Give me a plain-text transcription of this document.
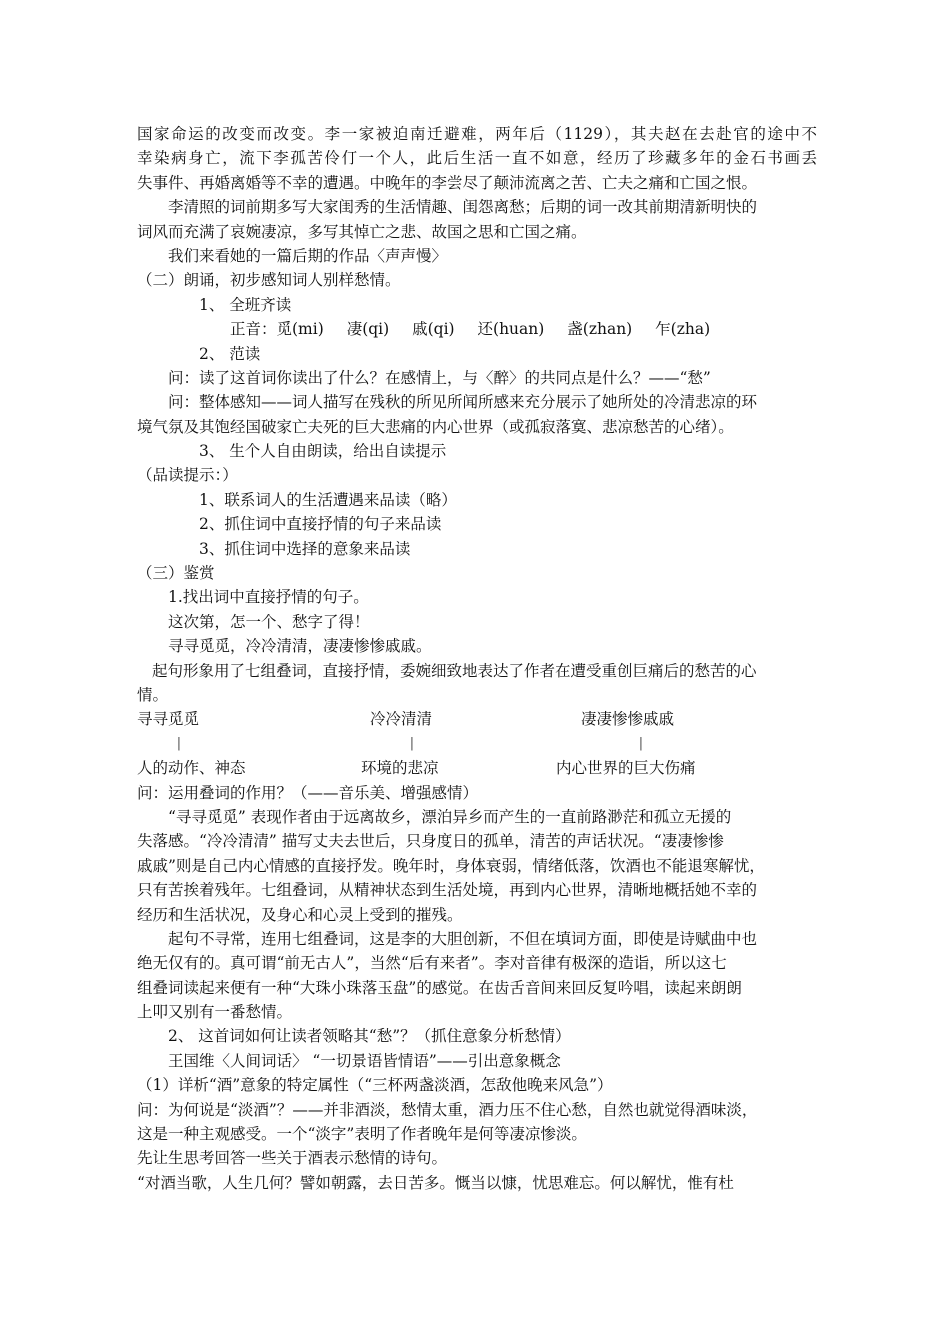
国家命运的改变而改变。李一家被迫南迁避难，两年后（1129），其夫赵在去赴官的途中不
幸染病身亡，流下李孤苦伶仃一个人，此后生活一直不如意，经历了珍藏多年的金石书画丢
失事件、再婚离婚等不幸的遭遇。中晚年的李尝尽了颠沛流离之苦、亡夫之痛和亡国之恨。
李清照的词前期多写大家闺秀的生活情趣、闺怨离愁；后期的词一改其前期清新明快的
词风而充满了哀婉凄凉，多写其悼亡之悲、故国之思和亡国之痛。
我们来看她的一篇后期的作品〈声声慢〉
（二）朗诵，初步感知词人别样愁情。
1、 全班齐读
正音：觅(mi) 凄(qi) 戚(qi) 还(huan) 盏(zhan) 乍(zha)
2、 范读
问：读了这首词你读出了什么？在感情上，与〈醉〉的共同点是什么？——“愁”
问：整体感知——词人描写在残秋的所见所闻所感来充分展示了她所处的冷清悲凉的环
境气氛及其饱经国破家亡夫死的巨大悲痛的内心世界（或孤寂落寞、悲凉愁苦的心绪）。
3、 生个人自由朗读，给出自读提示
（品读提示：）
1、联系词人的生活遭遇来品读（略）
2、抓住词中直接抒情的句子来品读
3、抓住词中选择的意象来品读
（三）鉴赏
1.找出词中直接抒情的句子。
这次第，怎一个、愁字了得！
寻寻觅觅，冷冷清清，凄凄惨惨戚戚。
起句形象用了七组叠词，直接抒情，委婉细致地表达了作者在遭受重创巨痛后的愁苦的心
情。
寻寻觅觅	冷冷清清	凄凄惨惨戚戚
|	|	|
人的动作、神态	环境的悲凉	内心世界的巨大伤痛
问：运用叠词的作用？（——音乐美、增强感情）
“寻寻觅觅” 表现作者由于远离故乡，漂泊异乡而产生的一直前路渺茫和孤立无援的
失落感。“冷冷清清” 描写丈夫去世后，只身度日的孤单，清苦的声话状况。“凄凄惨惨
戚戚”则是自己内心情感的直接抒发。晚年时，身体衰弱，情绪低落，饮酒也不能退寒解忧，
只有苦挨着残年。七组叠词，从精神状态到生活处境，再到内心世界，清晰地概括她不幸的
经历和生活状况，及身心和心灵上受到的摧残。
起句不寻常，连用七组叠词，这是李的大胆创新，不但在填词方面，即使是诗赋曲中也
绝无仅有的。真可谓“前无古人”，当然“后有来者”。李对音律有极深的造诣，所以这七
组叠词读起来便有一种“大珠小珠落玉盘”的感觉。在齿舌音间来回反复吟唱，读起来朗朗
上叩又别有一番愁情。
2、 这首词如何让读者领略其“愁”？（抓住意象分析愁情）
王国维〈人间词话〉 “一切景语皆情语”——引出意象概念
（1）详析“酒”意象的特定属性（“三杯两盏淡酒，怎敌他晚来风急”）
问：为何说是“淡酒”？——并非酒淡，愁情太重，酒力压不住心愁，自然也就觉得酒味淡，
这是一种主观感受。一个“淡字”表明了作者晚年是何等凄凉惨淡。
先让生思考回答一些关于酒表示愁情的诗句。
“对酒当歌，人生几何？譬如朝露，去日苦多。慨当以慷，忧思难忘。何以解忧，惟有杜
